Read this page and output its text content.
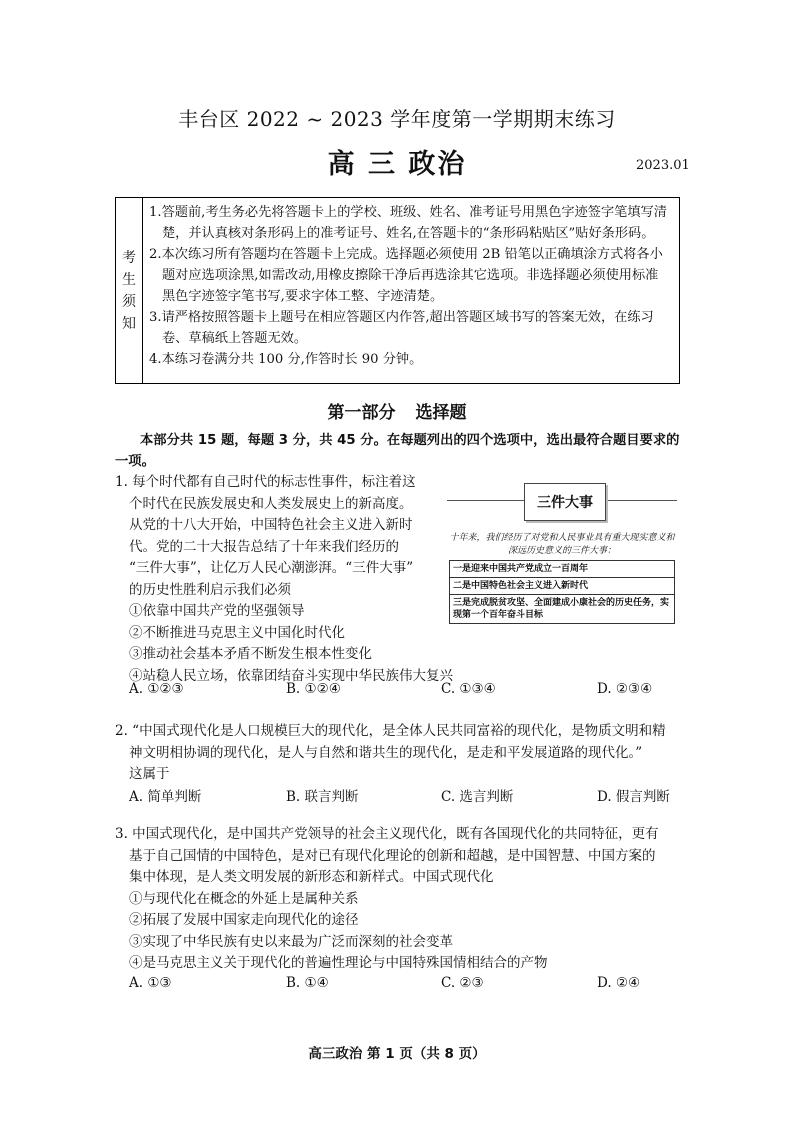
丰台区 2022 ~ 2023 学年度第一学期期末练习
高 三 政治	2023.01
考
生
须
知
1.答题前,考生务必先将答题卡上的学校、班级、姓名、准考证号用黑色字迹签字笔填写清楚，并认真核对条形码上的准考证号、姓名,在答题卡的“条形码粘贴区”贴好条形码。
2.本次练习所有答题均在答题卡上完成。选择题必须使用 2B 铅笔以正确填涂方式将各小题对应选项涂黑,如需改动,用橡皮擦除干净后再选涂其它选项。非选择题必须使用标准黑色字迹签字笔书写,要求字体工整、字迹清楚。
3.请严格按照答题卡上题号在相应答题区内作答,超出答题区域书写的答案无效，在练习卷、草稿纸上答题无效。
4.本练习卷满分共 100 分,作答时长 90 分钟。
第一部分 选择题
本部分共 15 题，每题 3 分，共 45 分。在每题列出的四个选项中，选出最符合题目要求的一项。
1. 每个时代都有自己时代的标志性事件，标注着这
个时代在民族发展史和人类发展史上的新高度。
从党的十八大开始，中国特色社会主义进入新时
代。党的二十大报告总结了十年来我们经历的
“三件大事”，让亿万人民心潮澎湃。“三件大事”
的历史性胜利启示我们必须
①依靠中国共产党的坚强领导
②不断推进马克思主义中国化时代化
③推动社会基本矛盾不断发生根本性变化
④站稳人民立场，依靠团结奋斗实现中华民族伟大复兴
A. ①②③	B. ①②④	C. ①③④	D. ②③④
三件大事
十年来，我们经历了对党和人民事业具有重大现实意义和深远历史意义的三件大事：
一是迎来中国共产党成立一百周年
二是中国特色社会主义进入新时代
三是完成脱贫攻坚、全面建成小康社会的历史任务，实现第一个百年奋斗目标
2. “中国式现代化是人口规模巨大的现代化，是全体人民共同富裕的现代化，是物质文明和精
神文明相协调的现代化，是人与自然和谐共生的现代化，是走和平发展道路的现代化。”
这属于
A. 简单判断	B. 联言判断	C. 选言判断	D. 假言判断
3. 中国式现代化，是中国共产党领导的社会主义现代化，既有各国现代化的共同特征，更有
基于自己国情的中国特色，是对已有现代化理论的创新和超越，是中国智慧、中国方案的
集中体现，是人类文明发展的新形态和新样式。中国式现代化
①与现代化在概念的外延上是属种关系
②拓展了发展中国家走向现代化的途径
③实现了中华民族有史以来最为广泛而深刻的社会变革
④是马克思主义关于现代化的普遍性理论与中国特殊国情相结合的产物
A. ①③	B. ①④	C. ②③	D. ②④
高三政治 第 1 页（共 8 页）
